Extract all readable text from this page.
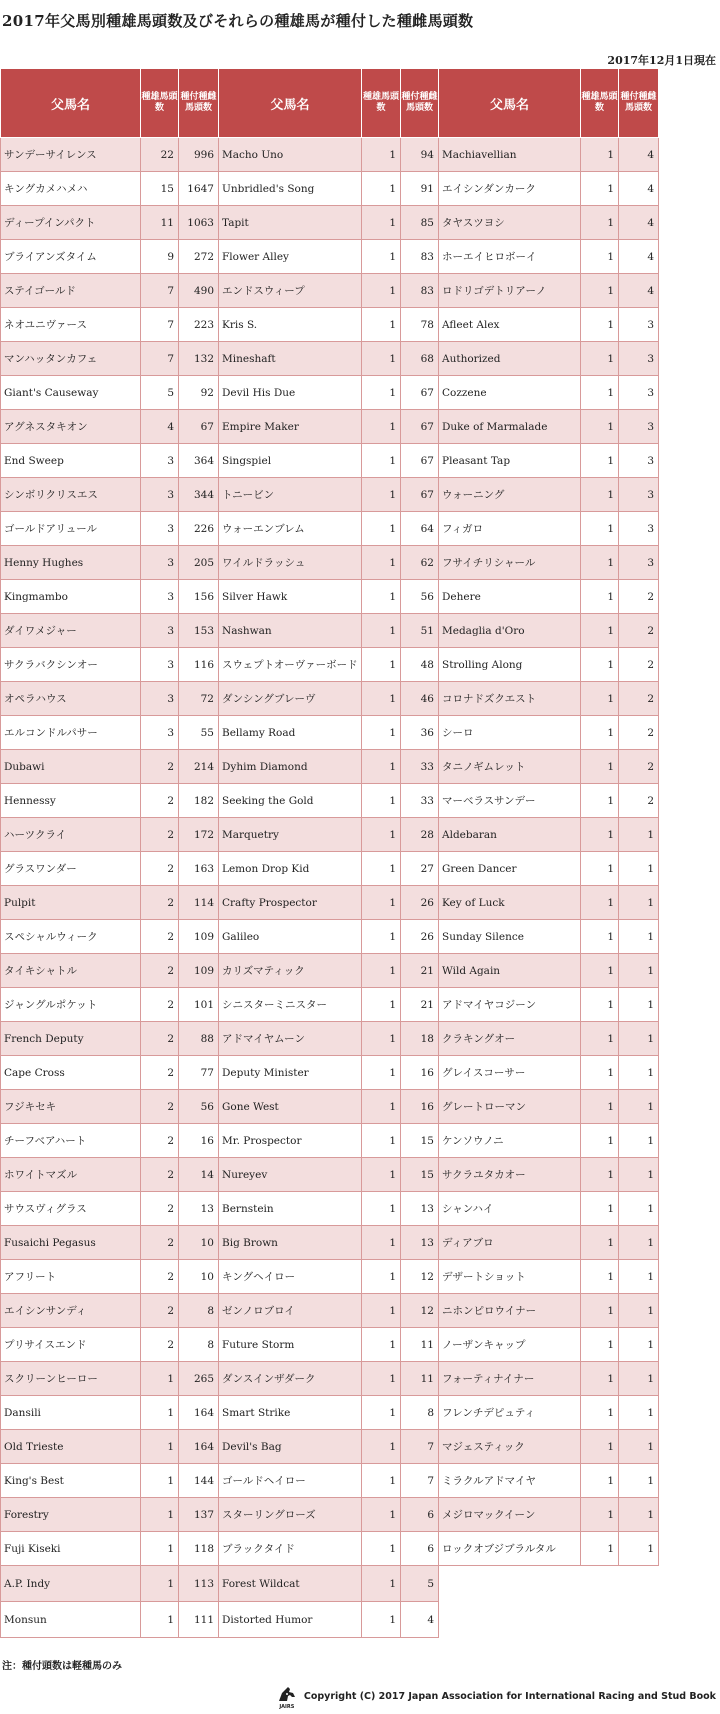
2017年父馬別種雄馬頭数及びそれらの種雄馬が種付した種雌馬頭数
2017年12月1日現在
父馬名	種雄馬頭数	種付種雌馬頭数
サンデーサイレンス	22	996
キングカメハメハ	15	1647
ディープインパクト	11	1063
ブライアンズタイム	9	272
ステイゴールド	7	490
ネオユニヴァース	7	223
マンハッタンカフェ	7	132
Giant's Causeway	5	92
アグネスタキオン	4	67
End Sweep	3	364
シンボリクリスエス	3	344
ゴールドアリュール	3	226
Henny Hughes	3	205
Kingmambo	3	156
ダイワメジャー	3	153
サクラバクシンオー	3	116
オペラハウス	3	72
エルコンドルパサー	3	55
Dubawi	2	214
Hennessy	2	182
ハーツクライ	2	172
グラスワンダー	2	163
Pulpit	2	114
スペシャルウィーク	2	109
タイキシャトル	2	109
ジャングルポケット	2	101
French Deputy	2	88
Cape Cross	2	77
フジキセキ	2	56
チーフベアハート	2	16
ホワイトマズル	2	14
サウスヴィグラス	2	13
Fusaichi Pegasus	2	10
アフリート	2	10
エイシンサンディ	2	8
プリサイスエンド	2	8
スクリーンヒーロー	1	265
Dansili	1	164
Old Trieste	1	164
King's Best	1	144
Forestry	1	137
Fuji Kiseki	1	118
A.P. Indy	1	113
Monsun	1	111
父馬名	種雄馬頭数	種付種雌馬頭数
Macho Uno	1	94
Unbridled's Song	1	91
Tapit	1	85
Flower Alley	1	83
エンドスウィープ	1	83
Kris S.	1	78
Mineshaft	1	68
Devil His Due	1	67
Empire Maker	1	67
Singspiel	1	67
トニービン	1	67
ウォーエンブレム	1	64
ワイルドラッシュ	1	62
Silver Hawk	1	56
Nashwan	1	51
スウェプトオーヴァーボード	1	48
ダンシングブレーヴ	1	46
Bellamy Road	1	36
Dyhim Diamond	1	33
Seeking the Gold	1	33
Marquetry	1	28
Lemon Drop Kid	1	27
Crafty Prospector	1	26
Galileo	1	26
カリズマティック	1	21
シニスターミニスター	1	21
アドマイヤムーン	1	18
Deputy Minister	1	16
Gone West	1	16
Mr. Prospector	1	15
Nureyev	1	15
Bernstein	1	13
Big Brown	1	13
キングヘイロー	1	12
ゼンノロブロイ	1	12
Future Storm	1	11
ダンスインザダーク	1	11
Smart Strike	1	8
Devil's Bag	1	7
ゴールドヘイロー	1	7
スターリングローズ	1	6
ブラックタイド	1	6
Forest Wildcat	1	5
Distorted Humor	1	4
父馬名	種雄馬頭数	種付種雌馬頭数
Machiavellian	1	4
エイシンダンカーク	1	4
タヤスツヨシ	1	4
ホーエイヒロボーイ	1	4
ロドリゴデトリアーノ	1	4
Afleet Alex	1	3
Authorized	1	3
Cozzene	1	3
Duke of Marmalade	1	3
Pleasant Tap	1	3
ウォーニング	1	3
フィガロ	1	3
フサイチリシャール	1	3
Dehere	1	2
Medaglia d'Oro	1	2
Strolling Along	1	2
コロナドズクエスト	1	2
シーロ	1	2
タニノギムレット	1	2
マーベラスサンデー	1	2
Aldebaran	1	1
Green Dancer	1	1
Key of Luck	1	1
Sunday Silence	1	1
Wild Again	1	1
アドマイヤコジーン	1	1
クラキングオー	1	1
グレイスコーサー	1	1
グレートローマン	1	1
ケンソウノニ	1	1
サクラユタカオー	1	1
シャンハイ	1	1
ディアブロ	1	1
デザートショット	1	1
ニホンピロウイナー	1	1
ノーザンキャップ	1	1
フォーティナイナー	1	1
フレンチデピュティ	1	1
マジェスティック	1	1
ミラクルアドマイヤ	1	1
メジロマックイーン	1	1
ロックオブジブラルタル	1	1
注：種付頭数は軽種馬のみ
JAIRS
Copyright (C) 2017 Japan Association for International Racing and Stud Book
